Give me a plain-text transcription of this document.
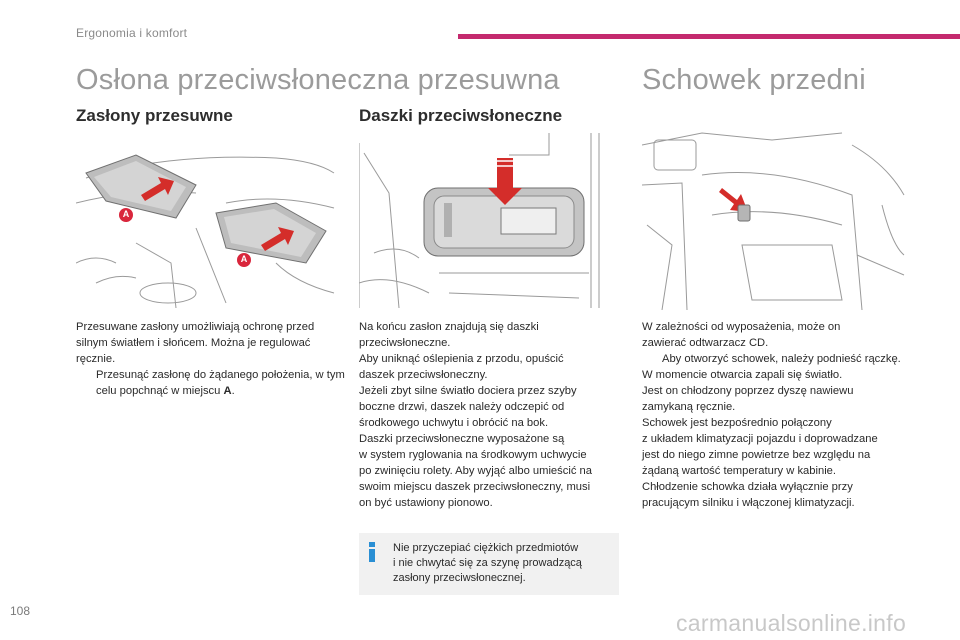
Ergonomia i komfort
Osłona przeciwsłoneczna przesuwna	Schowek przedni
Zasłony przesuwne	Daszki przeciwsłoneczne
A
A

Przesuwane zasłony umożliwiają ochronę przed silnym światłem i słońcem. Można je regulować ręcznie.

Przesunąć zasłonę do żądanego położenia, w tym celu popchnąć w miejscu A.

Na końcu zasłon znajdują się daszki

przeciwsłoneczne.

Aby uniknąć oślepienia z przodu, opuścić

daszek przeciwsłoneczny.

Jeżeli zbyt silne światło dociera przez szyby

boczne drzwi, daszek należy odczepić od

środkowego uchwytu i obrócić na bok.

Daszki przeciwsłoneczne wyposażone są

w system ryglowania na środkowym uchwycie

po zwinięciu rolety. Aby wyjąć albo umieścić na

swoim miejscu daszek przeciwsłoneczny, musi

on być ustawiony pionowo.

Nie przyczepiać ciężkich przedmiotów
i nie chwytać się za szynę prowadzącą
zasłony przeciwsłonecznej.

W zależności od wyposażenia, może on

zawierać odtwarzacz CD.

Aby otworzyć schowek, należy podnieść rączkę.

W momencie otwarcia zapali się światło.

Jest on chłodzony poprzez dyszę nawiewu

zamykaną ręcznie.

Schowek jest bezpośrednio połączony

z układem klimatyzacji pojazdu i doprowadzane

jest do niego zimne powietrze bez względu na

żądaną wartość temperatury w kabinie.

Chłodzenie schowka działa wyłącznie przy

pracującym silniku i włączonej klimatyzacji.

108	carmanualsonline.info
